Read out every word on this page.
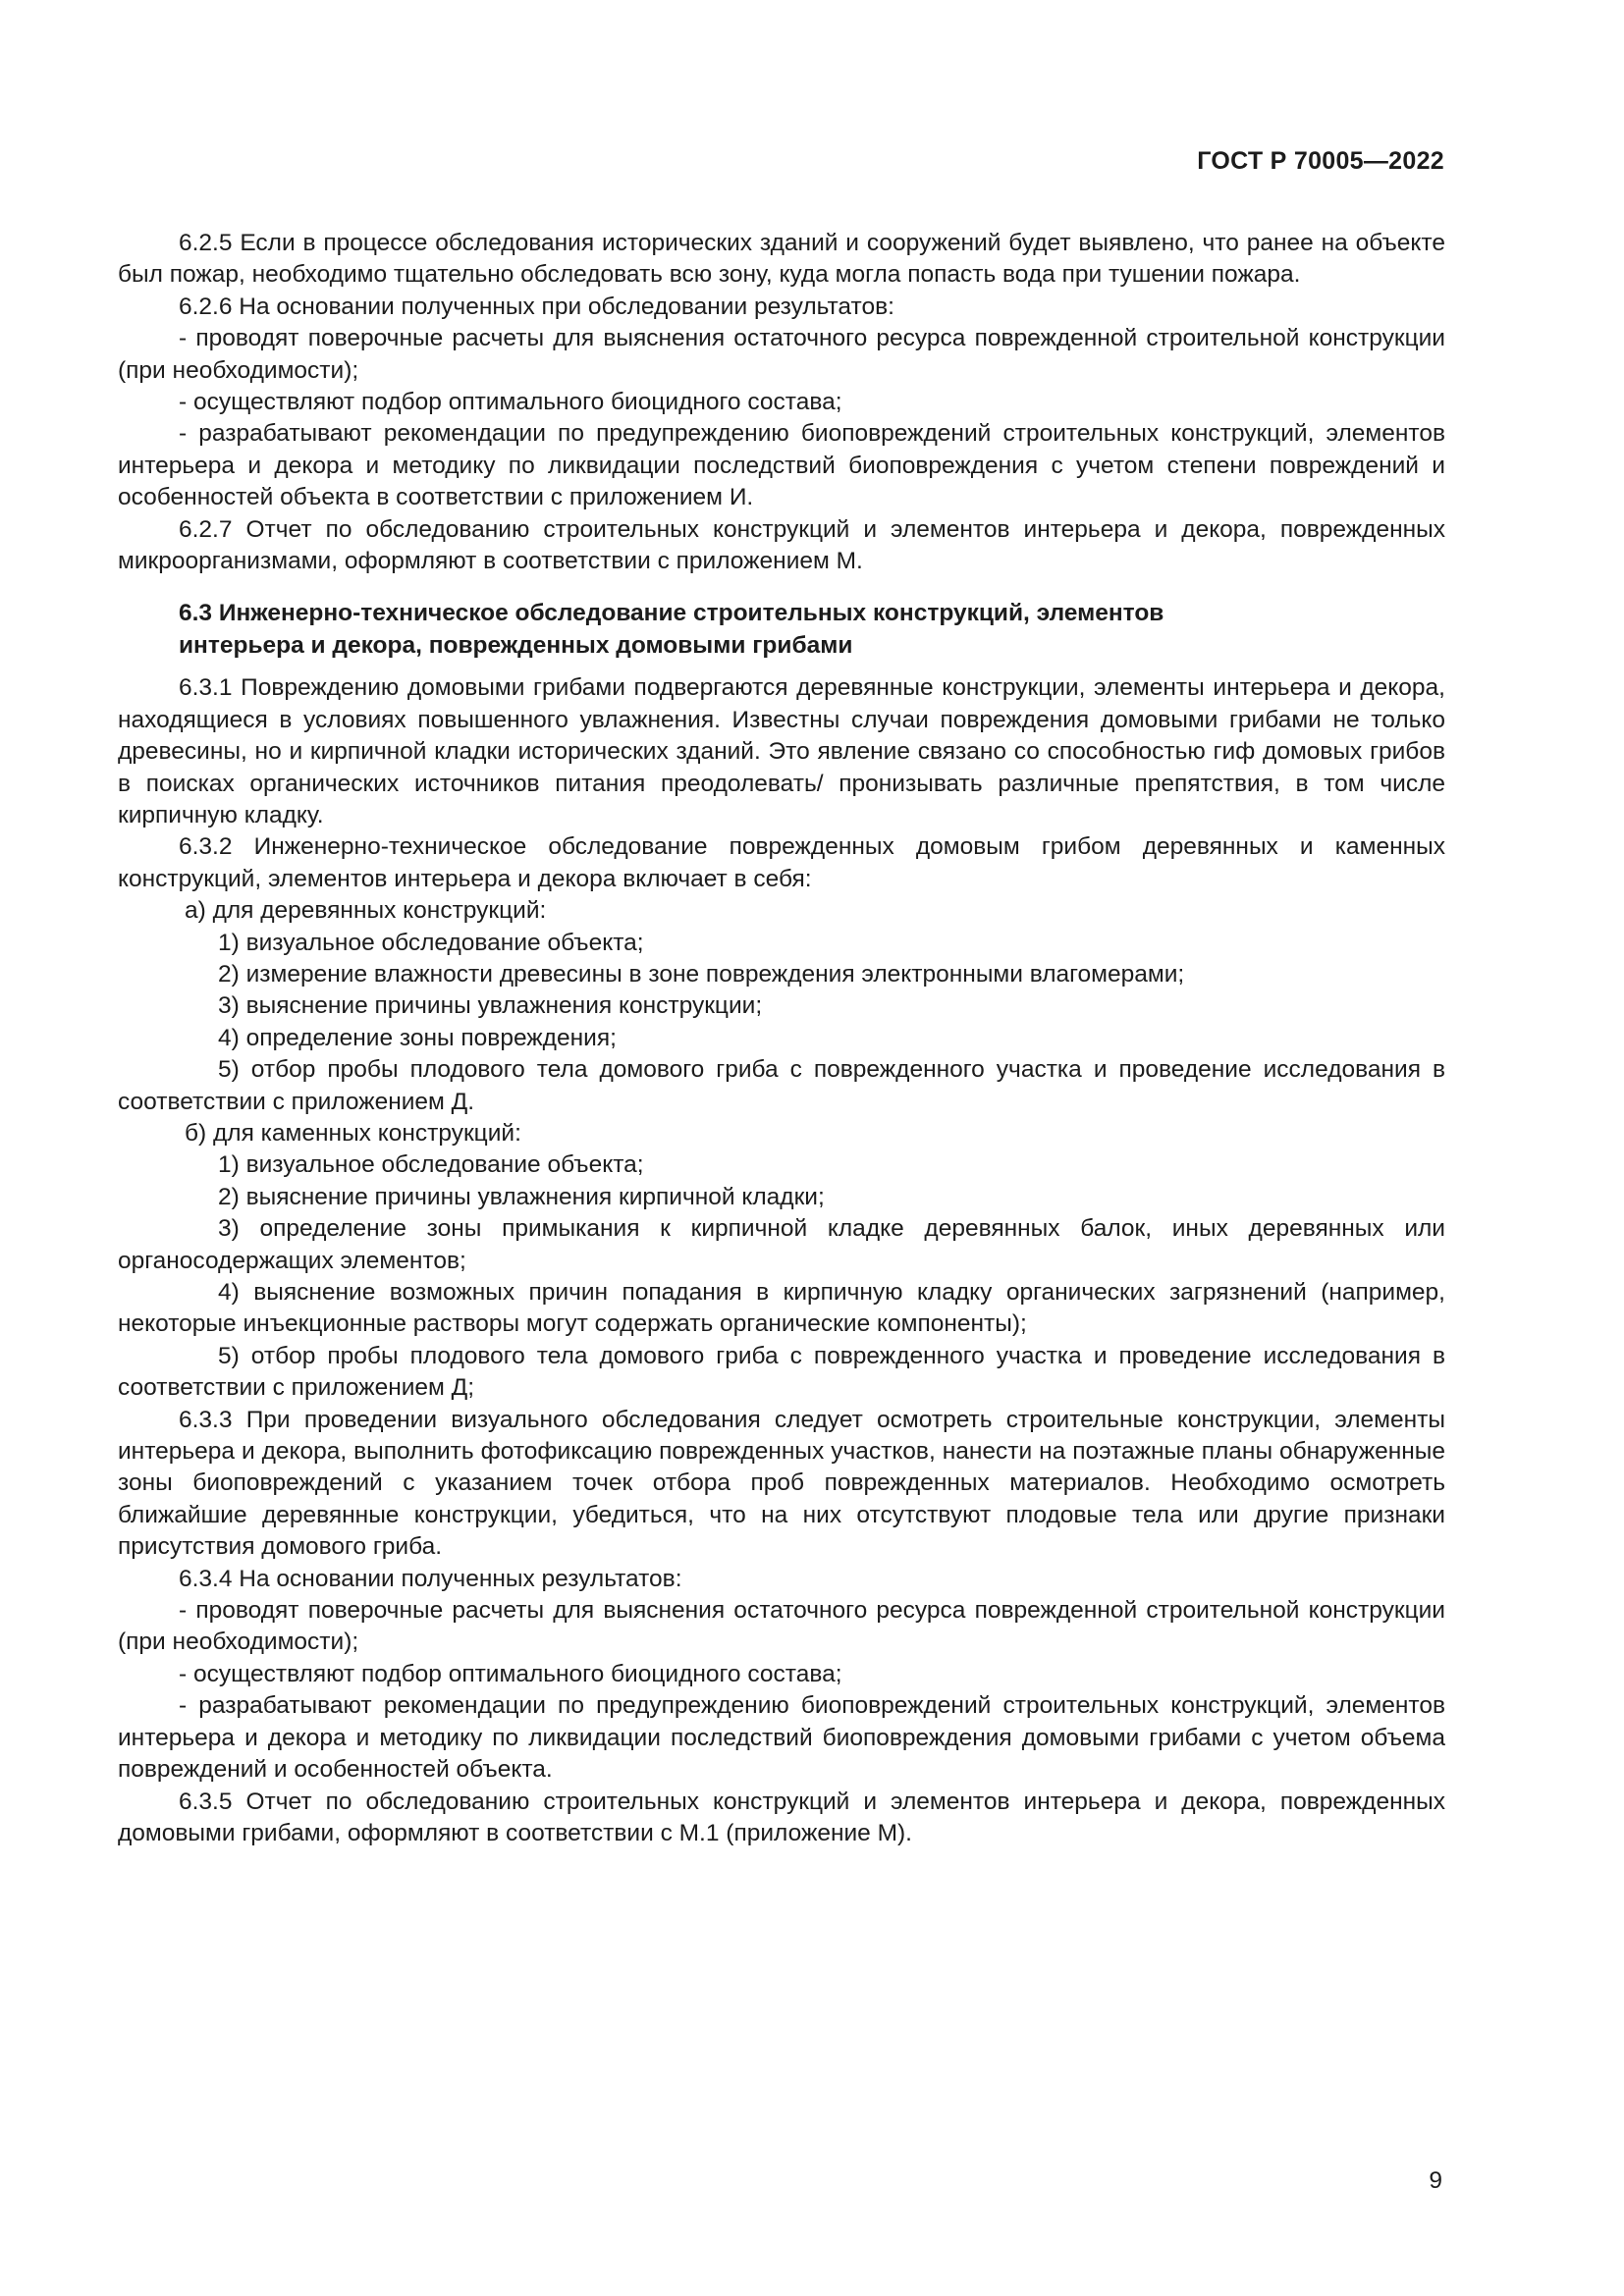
ГОСТ Р 70005—2022

6.2.5 Если в процессе обследования исторических зданий и сооружений будет выявлено, что ранее на объекте был пожар, необходимо тщательно обследовать всю зону, куда могла попасть вода при тушении пожара.

6.2.6 На основании полученных при обследовании результатов:

- проводят поверочные расчеты для выяснения остаточного ресурса поврежденной строительной конструкции (при необходимости);

- осуществляют подбор оптимального биоцидного состава;

- разрабатывают рекомендации по предупреждению биоповреждений строительных конструкций, элементов интерьера и декора и методику по ликвидации последствий биоповреждения с учетом степени повреждений и особенностей объекта в соответствии с приложением И.

6.2.7 Отчет по обследованию строительных конструкций и элементов интерьера и декора, поврежденных микроорганизмами, оформляют в соответствии с приложением М.

6.3 Инженерно-техническое обследование строительных конструкций, элементов
интерьера и декора, поврежденных домовыми грибами

6.3.1 Повреждению домовыми грибами подвергаются деревянные конструкции, элементы интерьера и декора, находящиеся в условиях повышенного увлажнения. Известны случаи повреждения домовыми грибами не только древесины, но и кирпичной кладки исторических зданий. Это явление связано со способностью гиф домовых грибов в поисках органических источников питания преодолевать/ пронизывать различные препятствия, в том числе кирпичную кладку.

6.3.2 Инженерно-техническое обследование поврежденных домовым грибом деревянных и каменных конструкций, элементов интерьера и декора включает в себя:

а) для деревянных конструкций:

1) визуальное обследование объекта;

2) измерение влажности древесины в зоне повреждения электронными влагомерами;

3) выяснение причины увлажнения конструкции;

4) определение зоны повреждения;

5) отбор пробы плодового тела домового гриба с поврежденного участка и проведение исследования в соответствии с приложением Д.

б) для каменных конструкций:

1) визуальное обследование объекта;

2) выяснение причины увлажнения кирпичной кладки;

3) определение зоны примыкания к кирпичной кладке деревянных балок, иных деревянных или органосодержащих элементов;

4) выяснение возможных причин попадания в кирпичную кладку органических загрязнений (например, некоторые инъекционные растворы могут содержать органические компоненты);

5) отбор пробы плодового тела домового гриба с поврежденного участка и проведение исследования в соответствии с приложением Д;

6.3.3 При проведении визуального обследования следует осмотреть строительные конструкции, элементы интерьера и декора, выполнить фотофиксацию поврежденных участков, нанести на поэтажные планы обнаруженные зоны биоповреждений с указанием точек отбора проб поврежденных материалов. Необходимо осмотреть ближайшие деревянные конструкции, убедиться, что на них отсутствуют плодовые тела или другие признаки присутствия домового гриба.

6.3.4 На основании полученных результатов:

- проводят поверочные расчеты для выяснения остаточного ресурса поврежденной строительной конструкции (при необходимости);

- осуществляют подбор оптимального биоцидного состава;

- разрабатывают рекомендации по предупреждению биоповреждений строительных конструкций, элементов интерьера и декора и методику по ликвидации последствий биоповреждения домовыми грибами с учетом объема повреждений и особенностей объекта.

6.3.5 Отчет по обследованию строительных конструкций и элементов интерьера и декора, поврежденных домовыми грибами, оформляют в соответствии с М.1 (приложение М).

9
